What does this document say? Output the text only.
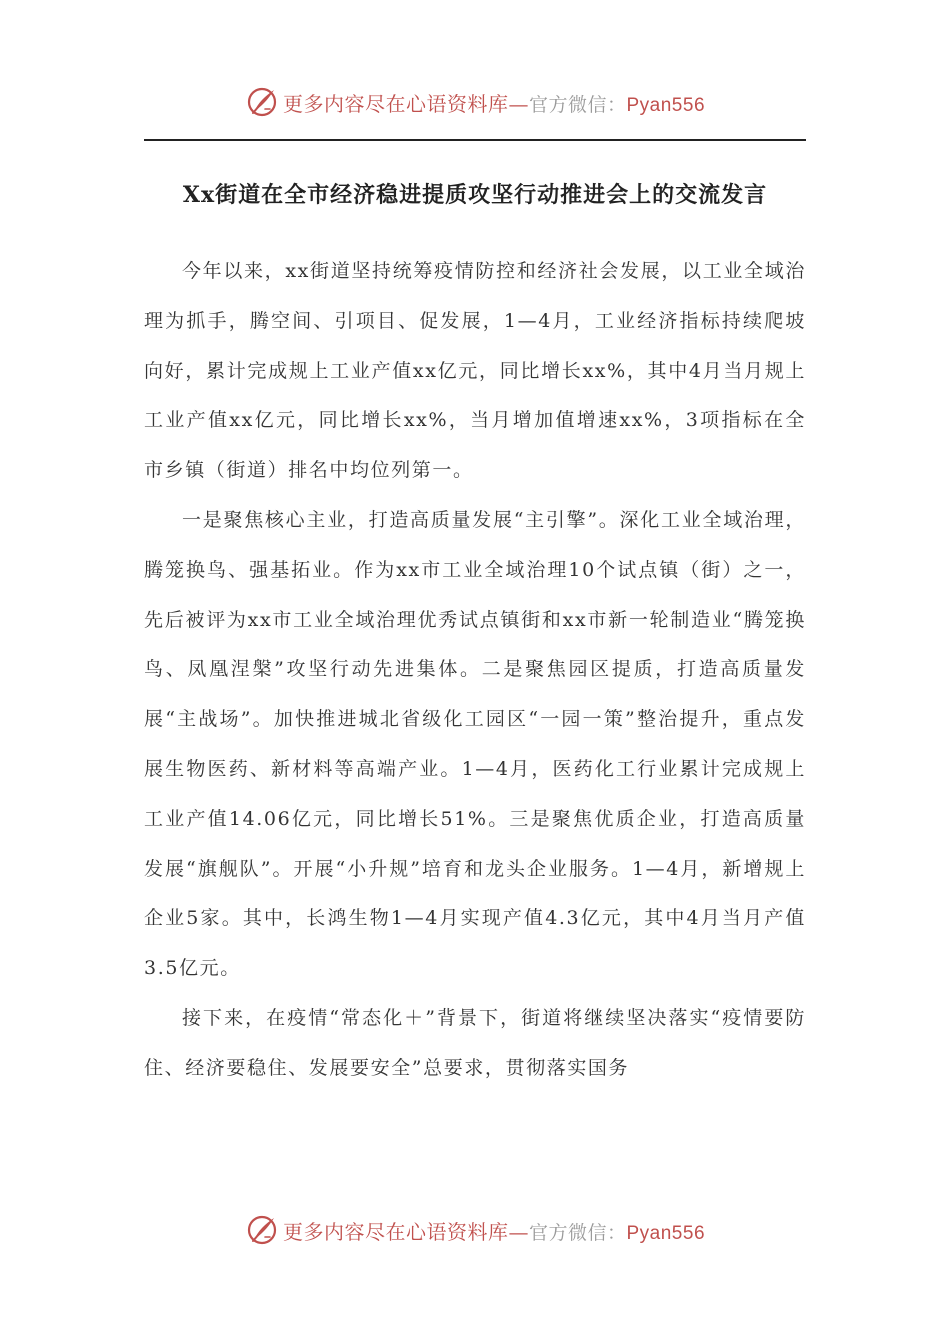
更多内容尽在心语资料库—官方微信：Pyan556
Xx街道在全市经济稳进提质攻坚行动推进会上的交流发言

今年以来，xx街道坚持统筹疫情防控和经济社会发展，以工业全域治理为抓手，腾空间、引项目、促发展，1—4月，工业经济指标持续爬坡向好，累计完成规上工业产值xx亿元，同比增长xx%，其中4月当月规上工业产值xx亿元，同比增长xx%，当月增加值增速xx%，3项指标在全市乡镇（街道）排名中均位列第一。

一是聚焦核心主业，打造高质量发展“主引擎”。深化工业全域治理，腾笼换鸟、强基拓业。作为xx市工业全域治理10个试点镇（街）之一，先后被评为xx市工业全域治理优秀试点镇街和xx市新一轮制造业“腾笼换鸟、凤凰涅槃”攻坚行动先进集体。二是聚焦园区提质，打造高质量发展“主战场”。加快推进城北省级化工园区“一园一策”整治提升，重点发展生物医药、新材料等高端产业。1—4月，医药化工行业累计完成规上工业产值14.06亿元，同比增长51%。三是聚焦优质企业，打造高质量发展“旗舰队”。开展“小升规”培育和龙头企业服务。1—4月，新增规上企业5家。其中，长鸿生物1—4月实现产值4.3亿元，其中4月当月产值3.5亿元。

接下来，在疫情“常态化＋”背景下，街道将继续坚决落实“疫情要防住、经济要稳住、发展要安全”总要求，贯彻落实国务

更多内容尽在心语资料库—官方微信：Pyan556
